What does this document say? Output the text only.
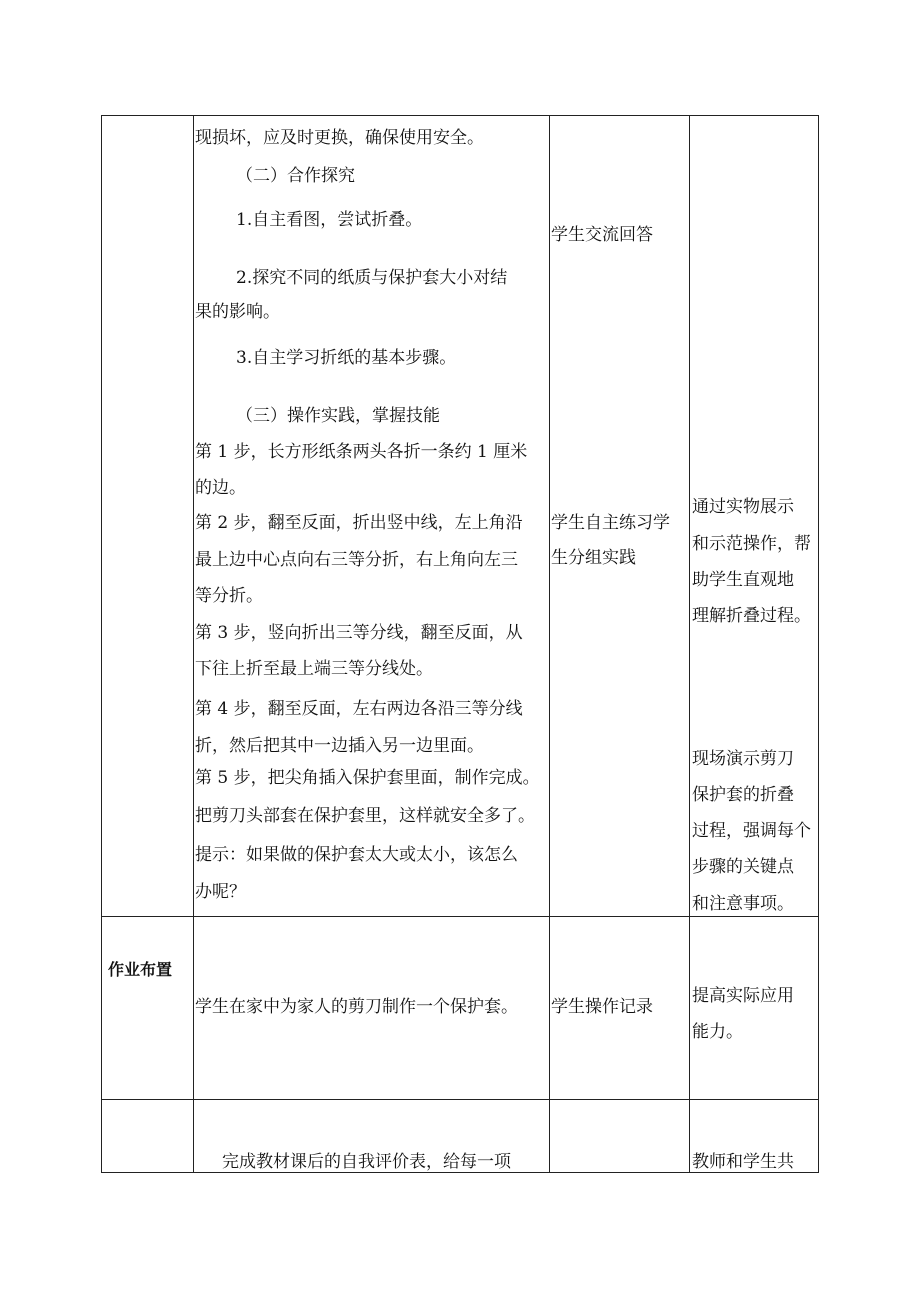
现损坏，应及时更换，确保使用安全。
（二）合作探究
1.自主看图，尝试折叠。
2.探究不同的纸质与保护套大小对结
果的影响。
3.自主学习折纸的基本步骤。
（三）操作实践，掌握技能
第 1 步，长方形纸条两头各折一条约 1 厘米
的边。
第 2 步，翻至反面，折出竖中线，左上角沿
最上边中心点向右三等分折，右上角向左三
等分折。
第 3 步，竖向折出三等分线，翻至反面，从
下往上折至最上端三等分线处。
第 4 步，翻至反面，左右两边各沿三等分线
折，然后把其中一边插入另一边里面。
第 5 步，把尖角插入保护套里面，制作完成。
把剪刀头部套在保护套里，这样就安全多了。
提示：如果做的保护套太大或太小，该怎么
办呢？
学生交流回答
学生自主练习学
生分组实践
通过实物展示
和示范操作，帮
助学生直观地
理解折叠过程。
现场演示剪刀
保护套的折叠
过程，强调每个
步骤的关键点
和注意事项。
作业布置
学生在家中为家人的剪刀制作一个保护套。 学生操作记录
提高实际应用
能力。
完成教材课后的自我评价表，给每一项	教师和学生共
